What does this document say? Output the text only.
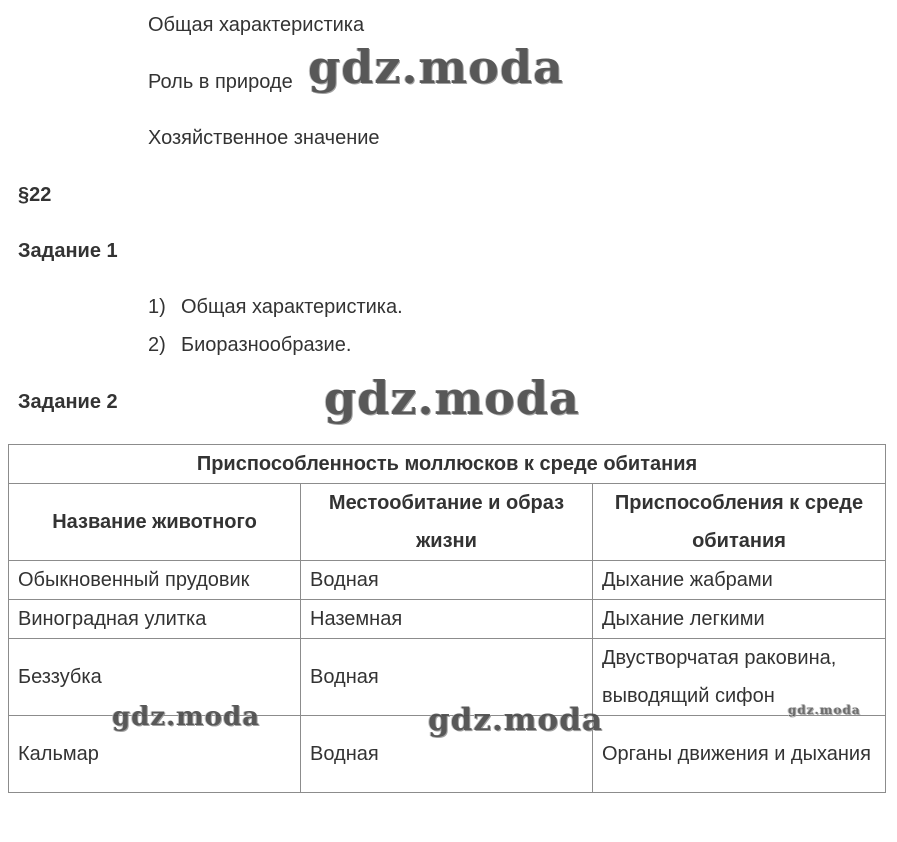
Общая характеристика
Роль в природе
Хозяйственное значение
§22
Задание 1
1) Общая характеристика.
2) Биоразнообразие.
Задание 2
Приспособленность моллюсков к среде обитания		
Название животного	Местообитание и образ жизни	Приспособления к среде обитания
Обыкновенный прудовик	Водная	Дыхание жабрами
Виноградная улитка	Наземная	Дыхание легкими
Беззубка	Водная	Двустворчатая раковина, выводящий сифон
Кальмар	Водная	Органы движения и дыхания
gdz.moda
gdz.moda
gdz.moda	gdz.moda	gdz.moda
